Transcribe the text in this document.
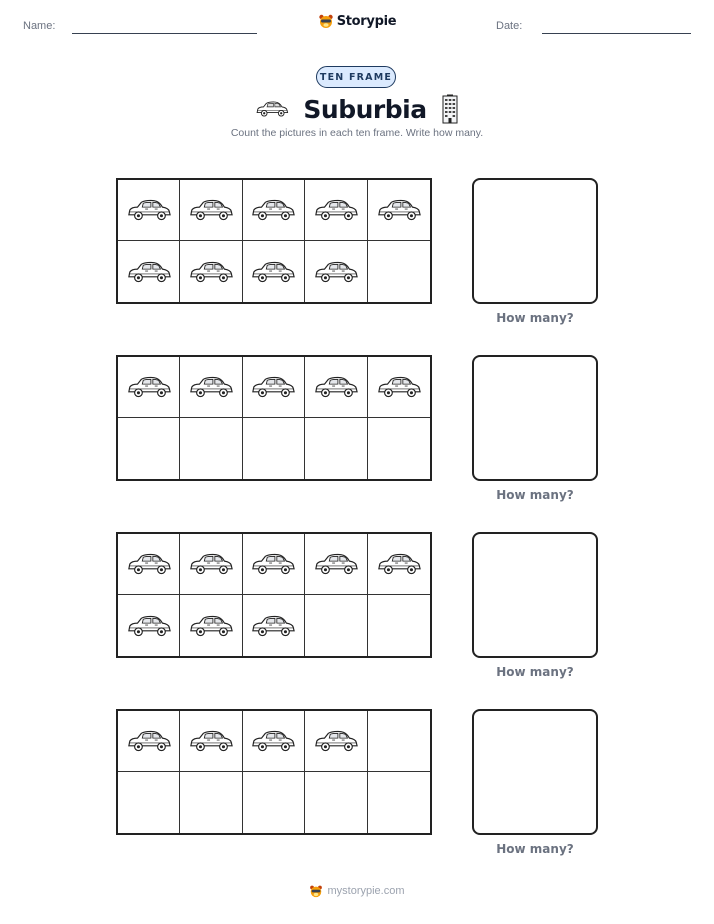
Name:	Storypie	Date:
TEN FRAME
Suburbia
Count the pictures in each ten frame. Write how many.
How many?
How many?
How many?
How many?
mystorypie.com
